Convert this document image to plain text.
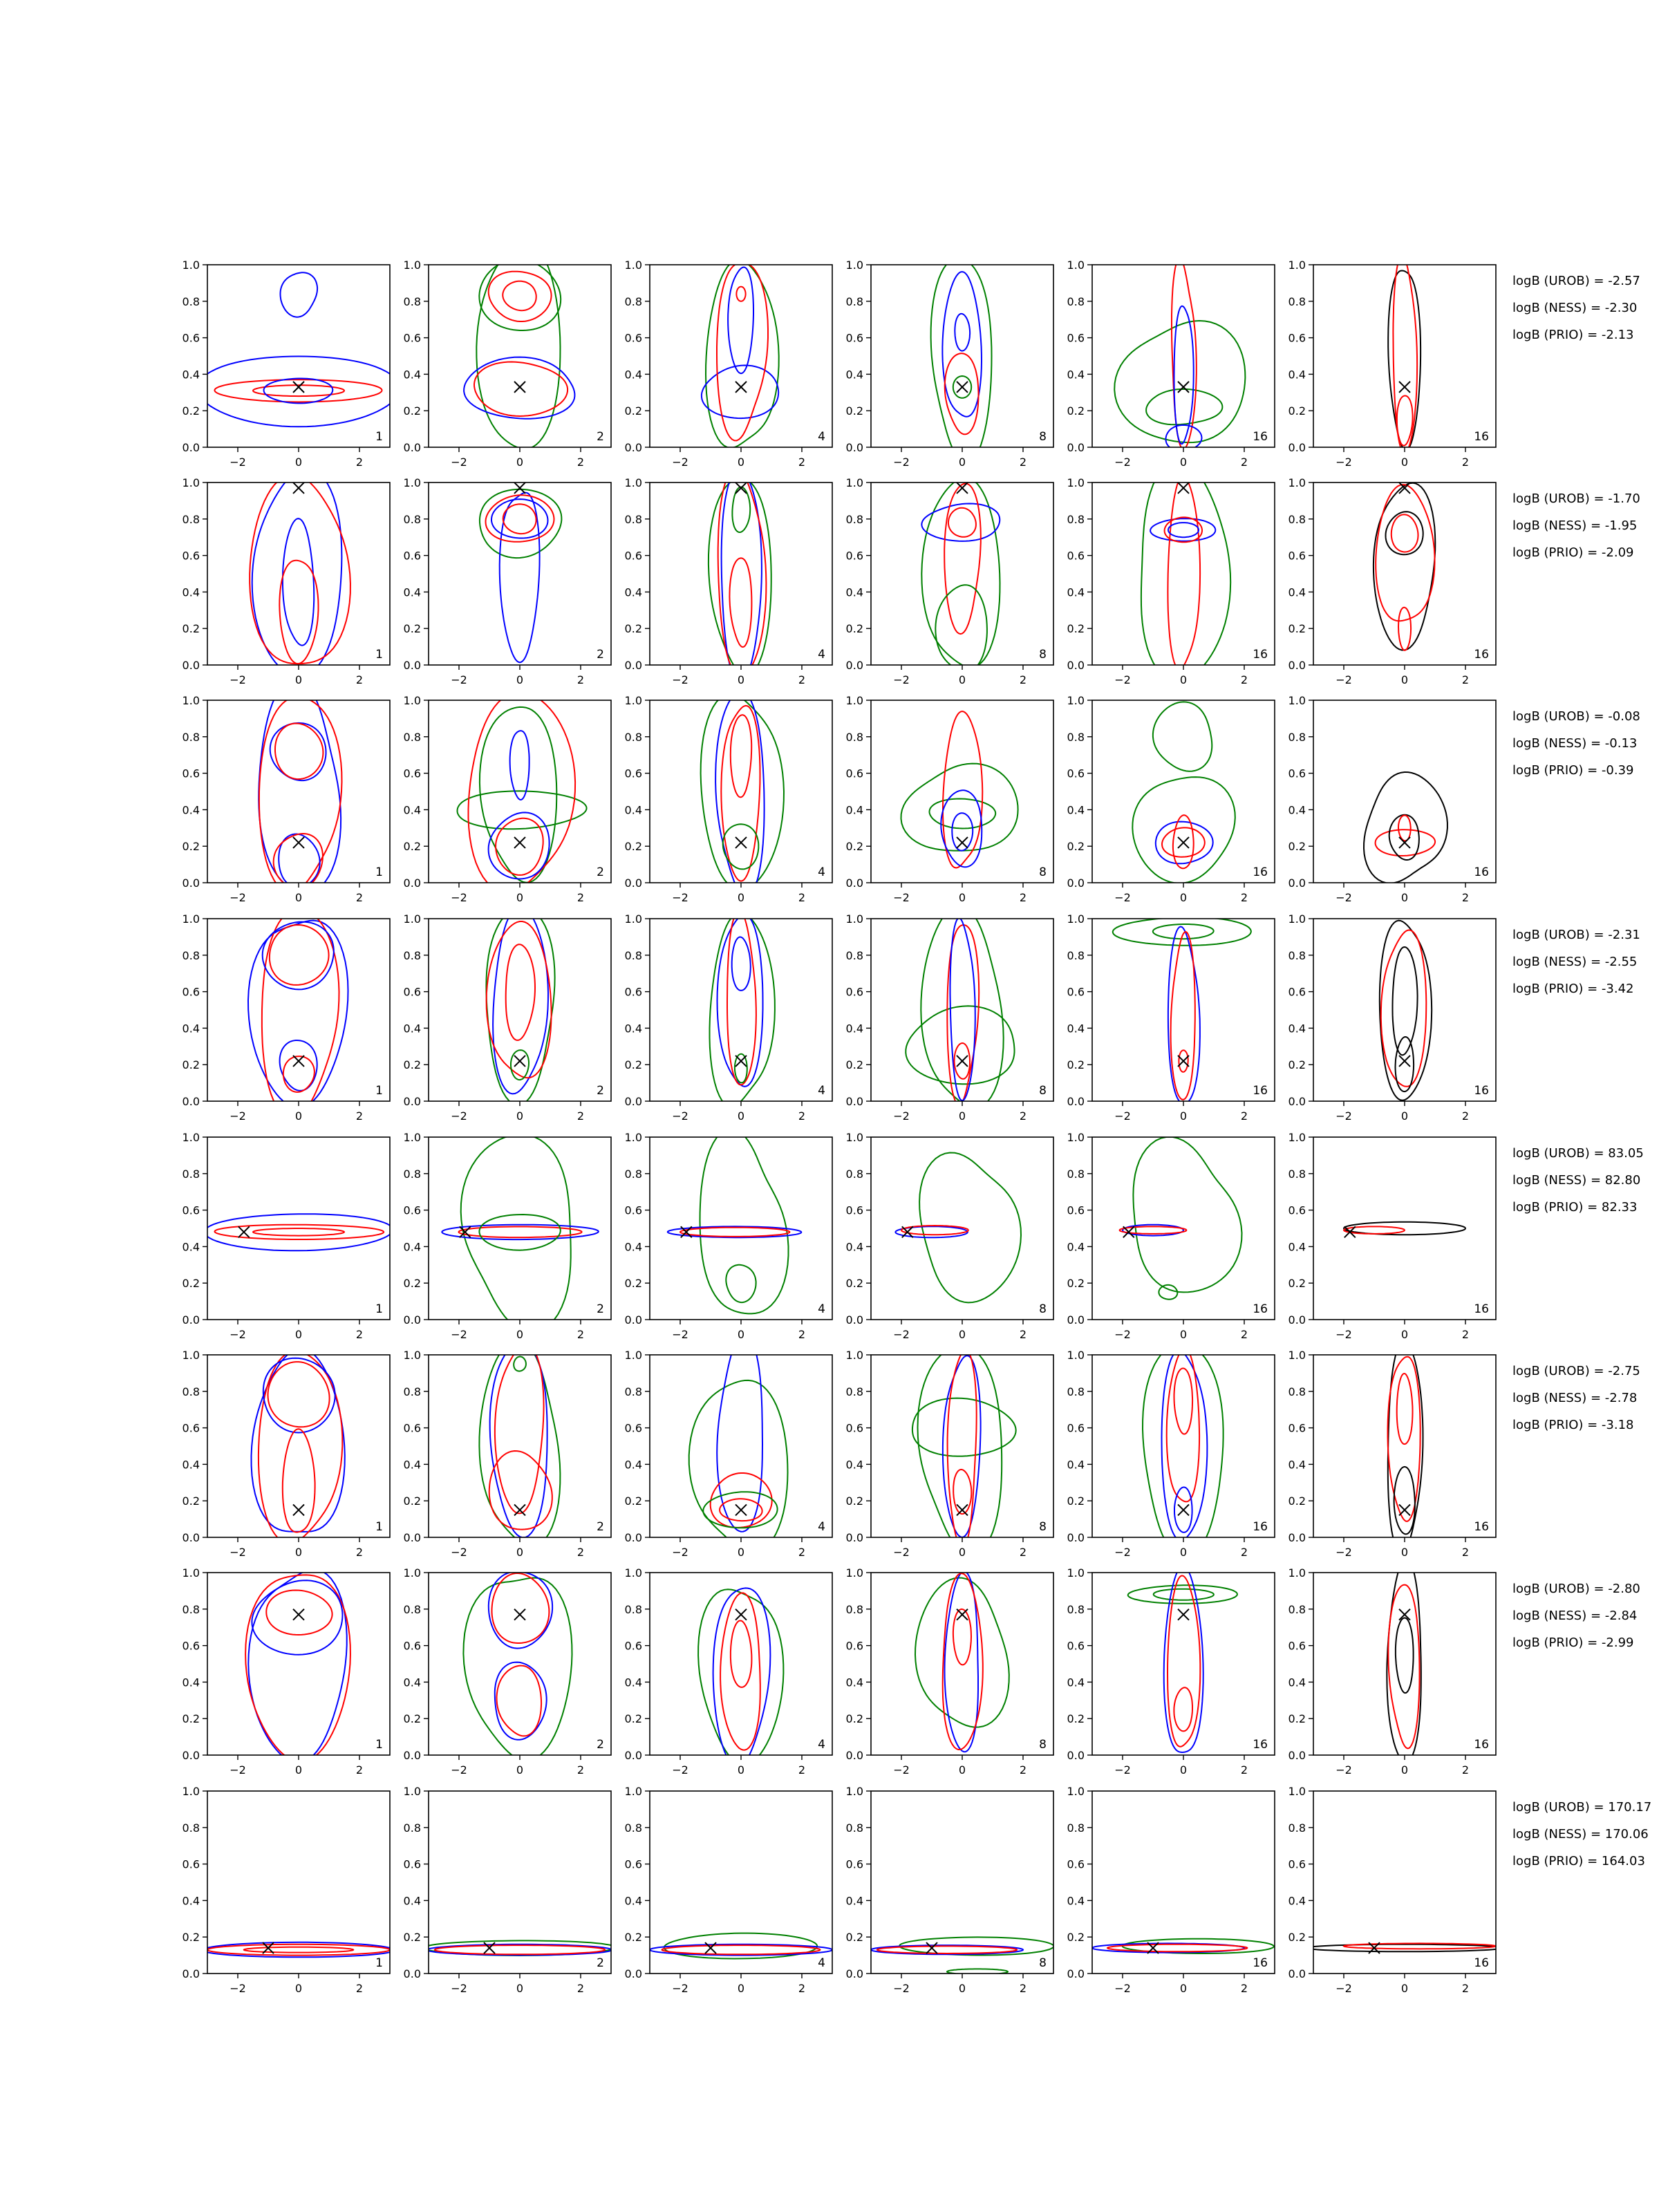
−2	0	2
0.0
0.2
0.4
0.6
0.8
1.0
1
−2	0	2
0.0
0.2
0.4
0.6
0.8
1.0
2
−2	0	2
0.0
0.2
0.4
0.6
0.8
1.0
4
−2	0	2
0.0
0.2
0.4
0.6
0.8
1.0
8
−2	0	2
0.0
0.2
0.4
0.6
0.8
1.0
16
−2	0	2
0.0
0.2
0.4
0.6
0.8
1.0
16
logB (UROB) = -2.57
logB (NESS) = -2.30
logB (PRIO) = -2.13
−2	0	2
0.0
0.2
0.4
0.6
0.8
1.0
1
−2	0	2
0.0
0.2
0.4
0.6
0.8
1.0
2
−2	0	2
0.0
0.2
0.4
0.6
0.8
1.0
4
−2	0	2
0.0
0.2
0.4
0.6
0.8
1.0
8
−2	0	2
0.0
0.2
0.4
0.6
0.8
1.0
16
−2	0	2
0.0
0.2
0.4
0.6
0.8
1.0
16
logB (UROB) = -1.70
logB (NESS) = -1.95
logB (PRIO) = -2.09
−2	0	2
0.0
0.2
0.4
0.6
0.8
1.0
1
−2	0	2
0.0
0.2
0.4
0.6
0.8
1.0
2
−2	0	2
0.0
0.2
0.4
0.6
0.8
1.0
4
−2	0	2
0.0
0.2
0.4
0.6
0.8
1.0
8
−2	0	2
0.0
0.2
0.4
0.6
0.8
1.0
16
−2	0	2
0.0
0.2
0.4
0.6
0.8
1.0
16
logB (UROB) = -0.08
logB (NESS) = -0.13
logB (PRIO) = -0.39
−2	0	2
0.0
0.2
0.4
0.6
0.8
1.0
1
−2	0	2
0.0
0.2
0.4
0.6
0.8
1.0
2
−2	0	2
0.0
0.2
0.4
0.6
0.8
1.0
4
−2	0	2
0.0
0.2
0.4
0.6
0.8
1.0
8
−2	0	2
0.0
0.2
0.4
0.6
0.8
1.0
16
−2	0	2
0.0
0.2
0.4
0.6
0.8
1.0
16
logB (UROB) = -2.31
logB (NESS) = -2.55
logB (PRIO) = -3.42
−2	0	2
0.0
0.2
0.4
0.6
0.8
1.0
1
−2	0	2
0.0
0.2
0.4
0.6
0.8
1.0
2
−2	0	2
0.0
0.2
0.4
0.6
0.8
1.0
4
−2	0	2
0.0
0.2
0.4
0.6
0.8
1.0
8
−2	0	2
0.0
0.2
0.4
0.6
0.8
1.0
16
−2	0	2
0.0
0.2
0.4
0.6
0.8
1.0
16
logB (UROB) = 83.05
logB (NESS) = 82.80
logB (PRIO) = 82.33
−2	0	2
0.0
0.2
0.4
0.6
0.8
1.0
1
−2	0	2
0.0
0.2
0.4
0.6
0.8
1.0
2
−2	0	2
0.0
0.2
0.4
0.6
0.8
1.0
4
−2	0	2
0.0
0.2
0.4
0.6
0.8
1.0
8
−2	0	2
0.0
0.2
0.4
0.6
0.8
1.0
16
−2	0	2
0.0
0.2
0.4
0.6
0.8
1.0
16
logB (UROB) = -2.75
logB (NESS) = -2.78
logB (PRIO) = -3.18
−2	0	2
0.0
0.2
0.4
0.6
0.8
1.0
1
−2	0	2
0.0
0.2
0.4
0.6
0.8
1.0
2
−2	0	2
0.0
0.2
0.4
0.6
0.8
1.0
4
−2	0	2
0.0
0.2
0.4
0.6
0.8
1.0
8
−2	0	2
0.0
0.2
0.4
0.6
0.8
1.0
16
−2	0	2
0.0
0.2
0.4
0.6
0.8
1.0
16
logB (UROB) = -2.80
logB (NESS) = -2.84
logB (PRIO) = -2.99
−2	0	2
0.0
0.2
0.4
0.6
0.8
1.0
1
−2	0	2
0.0
0.2
0.4
0.6
0.8
1.0
2
−2	0	2
0.0
0.2
0.4
0.6
0.8
1.0
4
−2	0	2
0.0
0.2
0.4
0.6
0.8
1.0
8
−2	0	2
0.0
0.2
0.4
0.6
0.8
1.0
16
−2	0	2
0.0
0.2
0.4
0.6
0.8
1.0
16
logB (UROB) = 170.17
logB (NESS) = 170.06
logB (PRIO) = 164.03
